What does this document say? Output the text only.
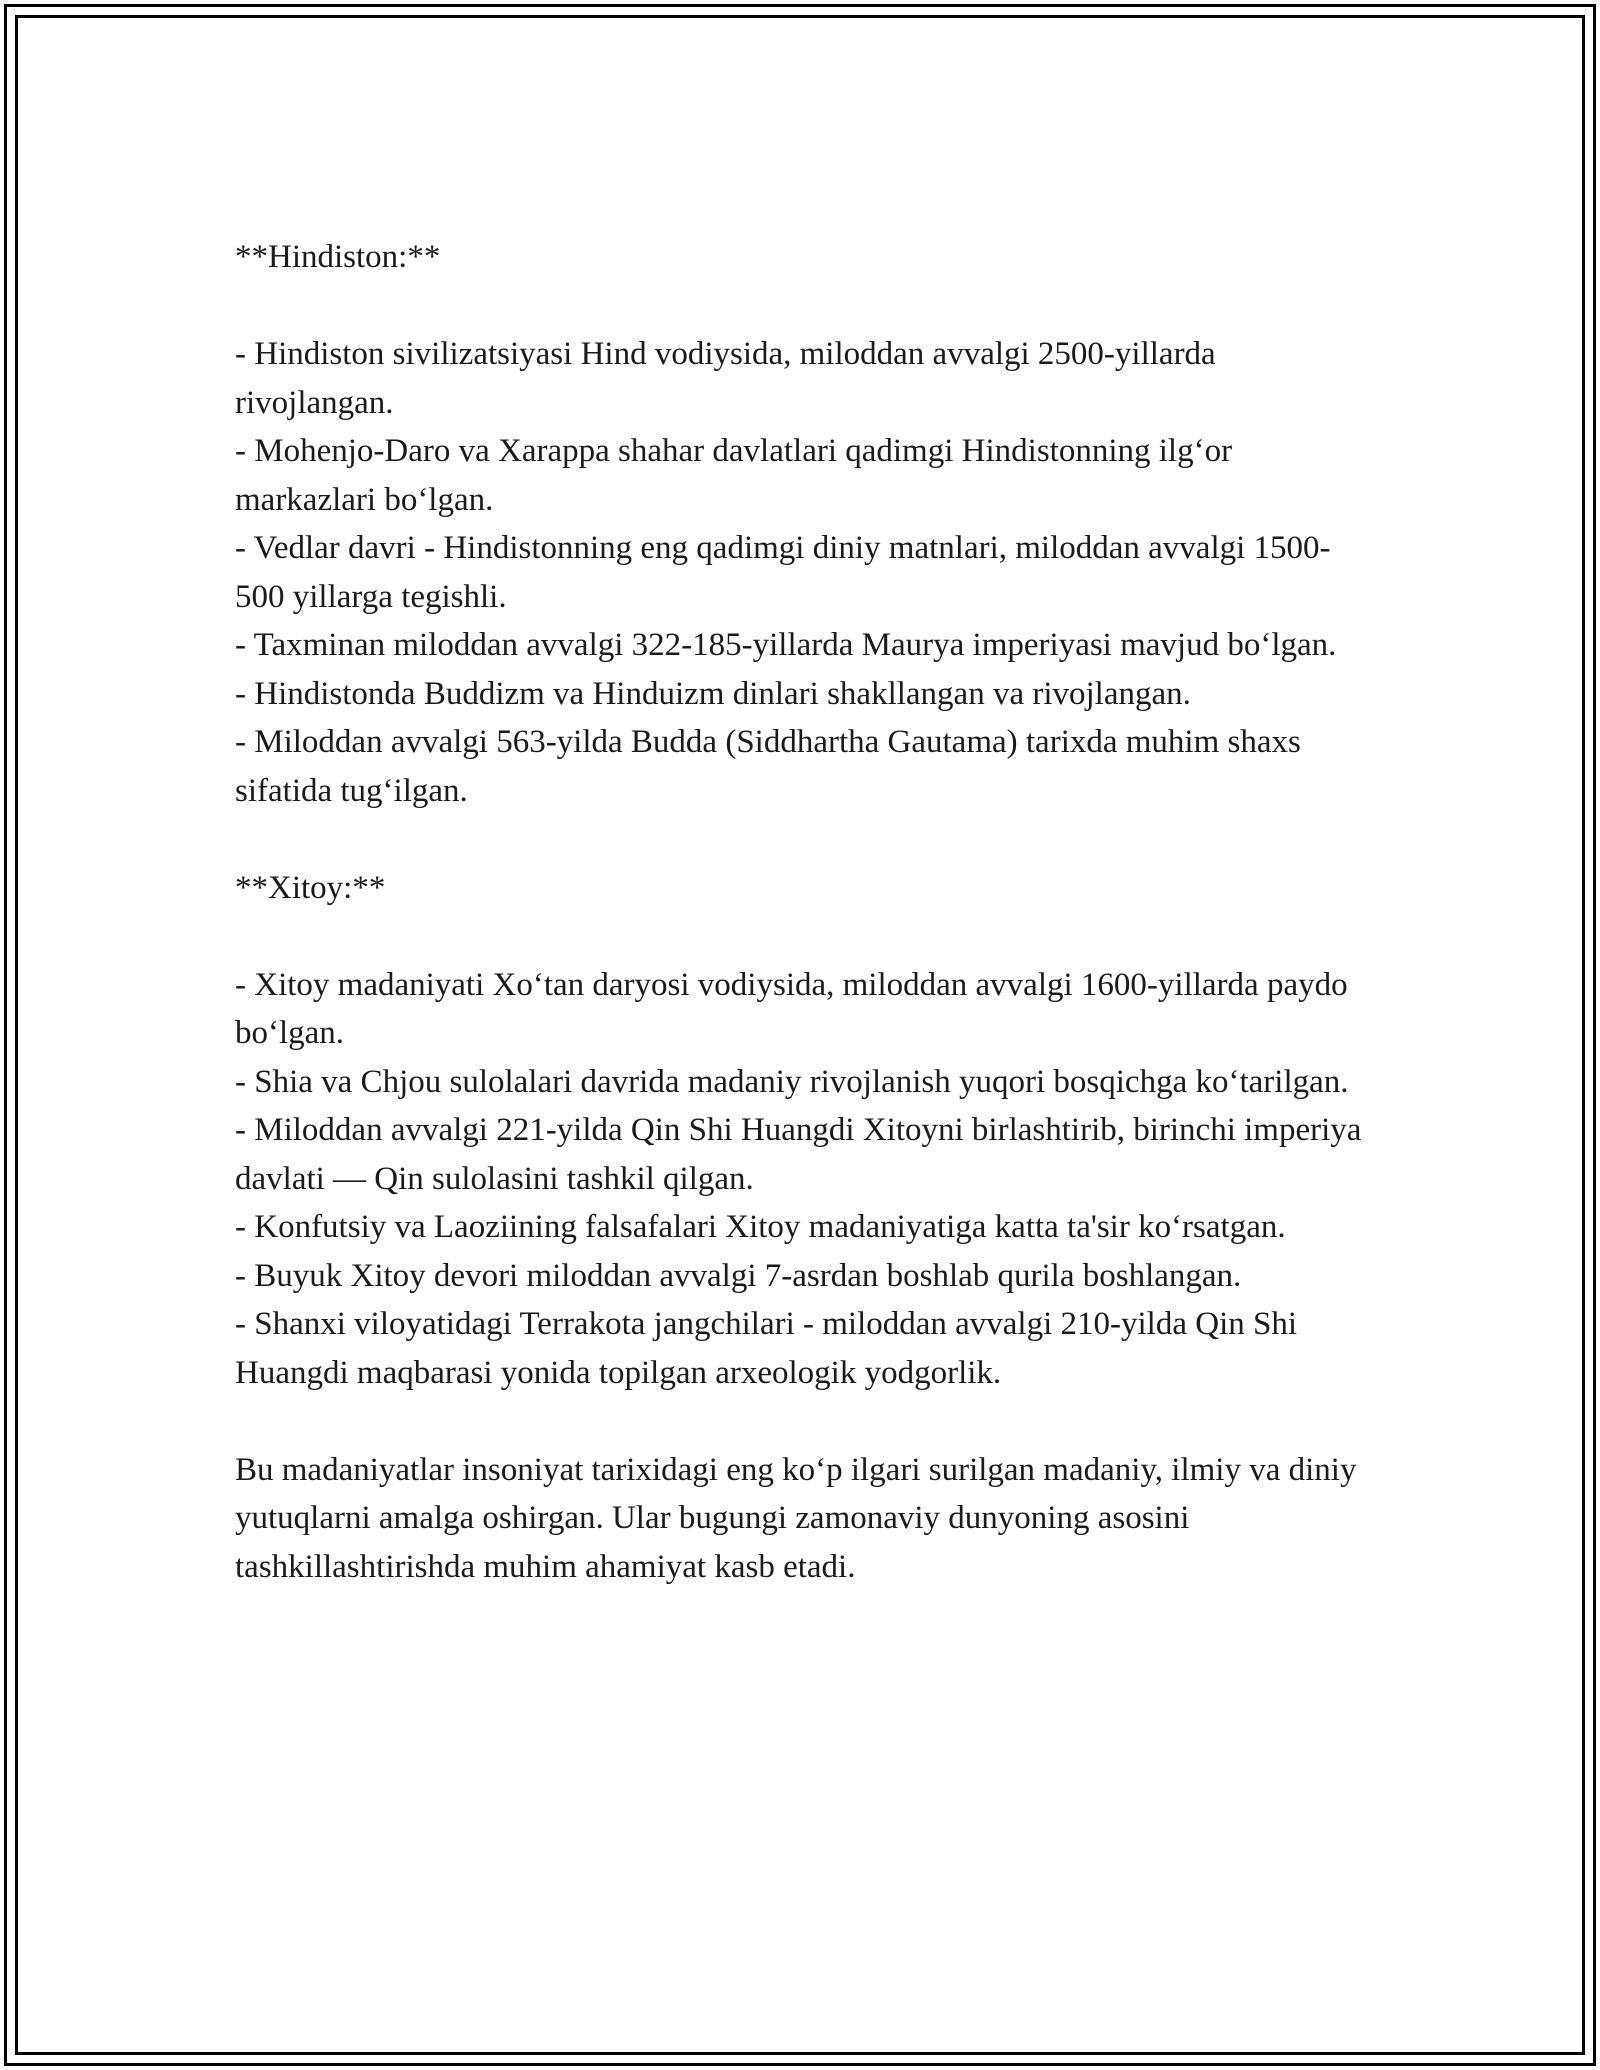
**Hindiston:**

- Hindiston sivilizatsiyasi Hind vodiysida, miloddan avvalgi 2500-yillarda rivojlangan.

- Mohenjo-Daro va Xarappa shahar davlatlari qadimgi Hindistonning ilg‘or markazlari bo‘lgan.

- Vedlar davri - Hindistonning eng qadimgi diniy matnlari, miloddan avvalgi 1500-500 yillarga tegishli.

- Taxminan miloddan avvalgi 322-185-yillarda Maurya imperiyasi mavjud bo‘lgan.

- Hindistonda Buddizm va Hinduizm dinlari shakllangan va rivojlangan.

- Miloddan avvalgi 563-yilda Budda (Siddhartha Gautama) tarixda muhim shaxs sifatida tug‘ilgan.

**Xitoy:**

- Xitoy madaniyati Xo‘tan daryosi vodiysida, miloddan avvalgi 1600-yillarda paydo bo‘lgan.

- Shia va Chjou sulolalari davrida madaniy rivojlanish yuqori bosqichga ko‘tarilgan.

- Miloddan avvalgi 221-yilda Qin Shi Huangdi Xitoyni birlashtirib, birinchi imperiya davlati — Qin sulolasini tashkil qilgan.

- Konfutsiy va Laoziining falsafalari Xitoy madaniyatiga katta ta'sir ko‘rsatgan.

- Buyuk Xitoy devori miloddan avvalgi 7-asrdan boshlab qurila boshlangan.

- Shanxi viloyatidagi Terrakota jangchilari - miloddan avvalgi 210-yilda Qin Shi Huangdi maqbarasi yonida topilgan arxeologik yodgorlik.

Bu madaniyatlar insoniyat tarixidagi eng ko‘p ilgari surilgan madaniy, ilmiy va diniy yutuqlarni amalga oshirgan. Ular bugungi zamonaviy dunyoning asosini tashkillashtirishda muhim ahamiyat kasb etadi.
